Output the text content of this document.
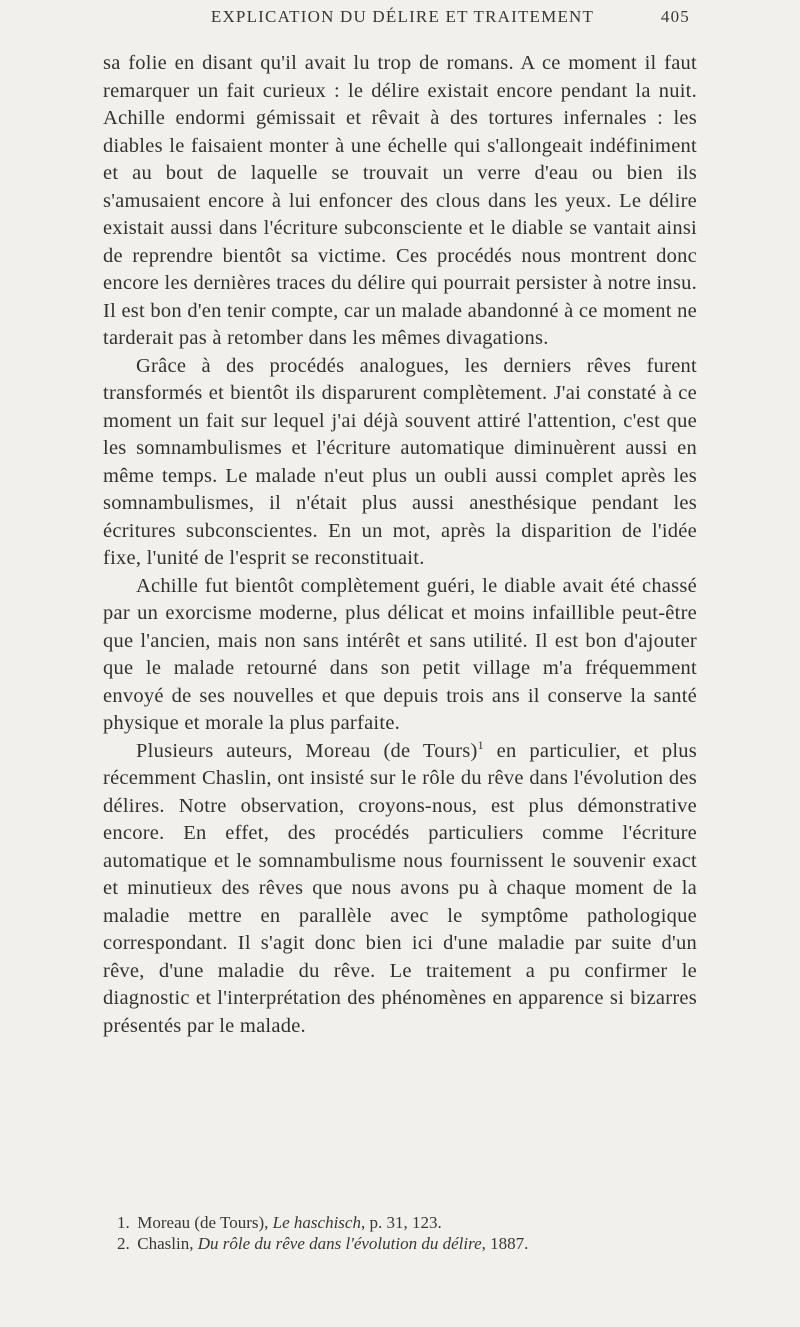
EXPLICATION DU DÉLIRE ET TRAITEMENT	405

sa folie en disant qu'il avait lu trop de romans. A ce moment il faut remarquer un fait curieux : le délire existait encore pendant la nuit. Achille endormi gémissait et rêvait à des tortures infernales : les diables le faisaient monter à une échelle qui s'allongeait indéfiniment et au bout de laquelle se trouvait un verre d'eau ou bien ils s'amusaient encore à lui enfoncer des clous dans les yeux. Le délire existait aussi dans l'écriture subconsciente et le diable se vantait ainsi de reprendre bientôt sa victime. Ces procédés nous montrent donc encore les dernières traces du délire qui pourrait persister à notre insu. Il est bon d'en tenir compte, car un malade abandonné à ce moment ne tarderait pas à retomber dans les mêmes divagations.

Grâce à des procédés analogues, les derniers rêves furent transformés et bientôt ils disparurent complètement. J'ai constaté à ce moment un fait sur lequel j'ai déjà souvent attiré l'attention, c'est que les somnambulismes et l'écriture automatique diminuèrent aussi en même temps. Le malade n'eut plus un oubli aussi complet après les somnambulismes, il n'était plus aussi anesthésique pendant les écritures subconscientes. En un mot, après la disparition de l'idée fixe, l'unité de l'esprit se reconstituait.

Achille fut bientôt complètement guéri, le diable avait été chassé par un exorcisme moderne, plus délicat et moins infaillible peut-être que l'ancien, mais non sans intérêt et sans utilité. Il est bon d'ajouter que le malade retourné dans son petit village m'a fréquemment envoyé de ses nouvelles et que depuis trois ans il conserve la santé physique et morale la plus parfaite.

Plusieurs auteurs, Moreau (de Tours)$^1$ en particulier, et plus récemment Chaslin, ont insisté sur le rôle du rêve dans l'évolution des délires. Notre observation, croyons-nous, est plus démonstrative encore. En effet, des procédés particuliers comme l'écriture automatique et le somnambulisme nous fournissent le souvenir exact et minutieux des rêves que nous avons pu à chaque moment de la maladie mettre en parallèle avec le symptôme pathologique correspondant. Il s'agit donc bien ici d'une maladie par suite d'un rêve, d'une maladie du rêve. Le traitement a pu confirmer le diagnostic et l'interprétation des phénomènes en apparence si bizarres présentés par le malade.

1. Moreau (de Tours), Le haschisch, p. 31, 123.
2. Chaslin, Du rôle du rêve dans l'évolution du délire, 1887.
